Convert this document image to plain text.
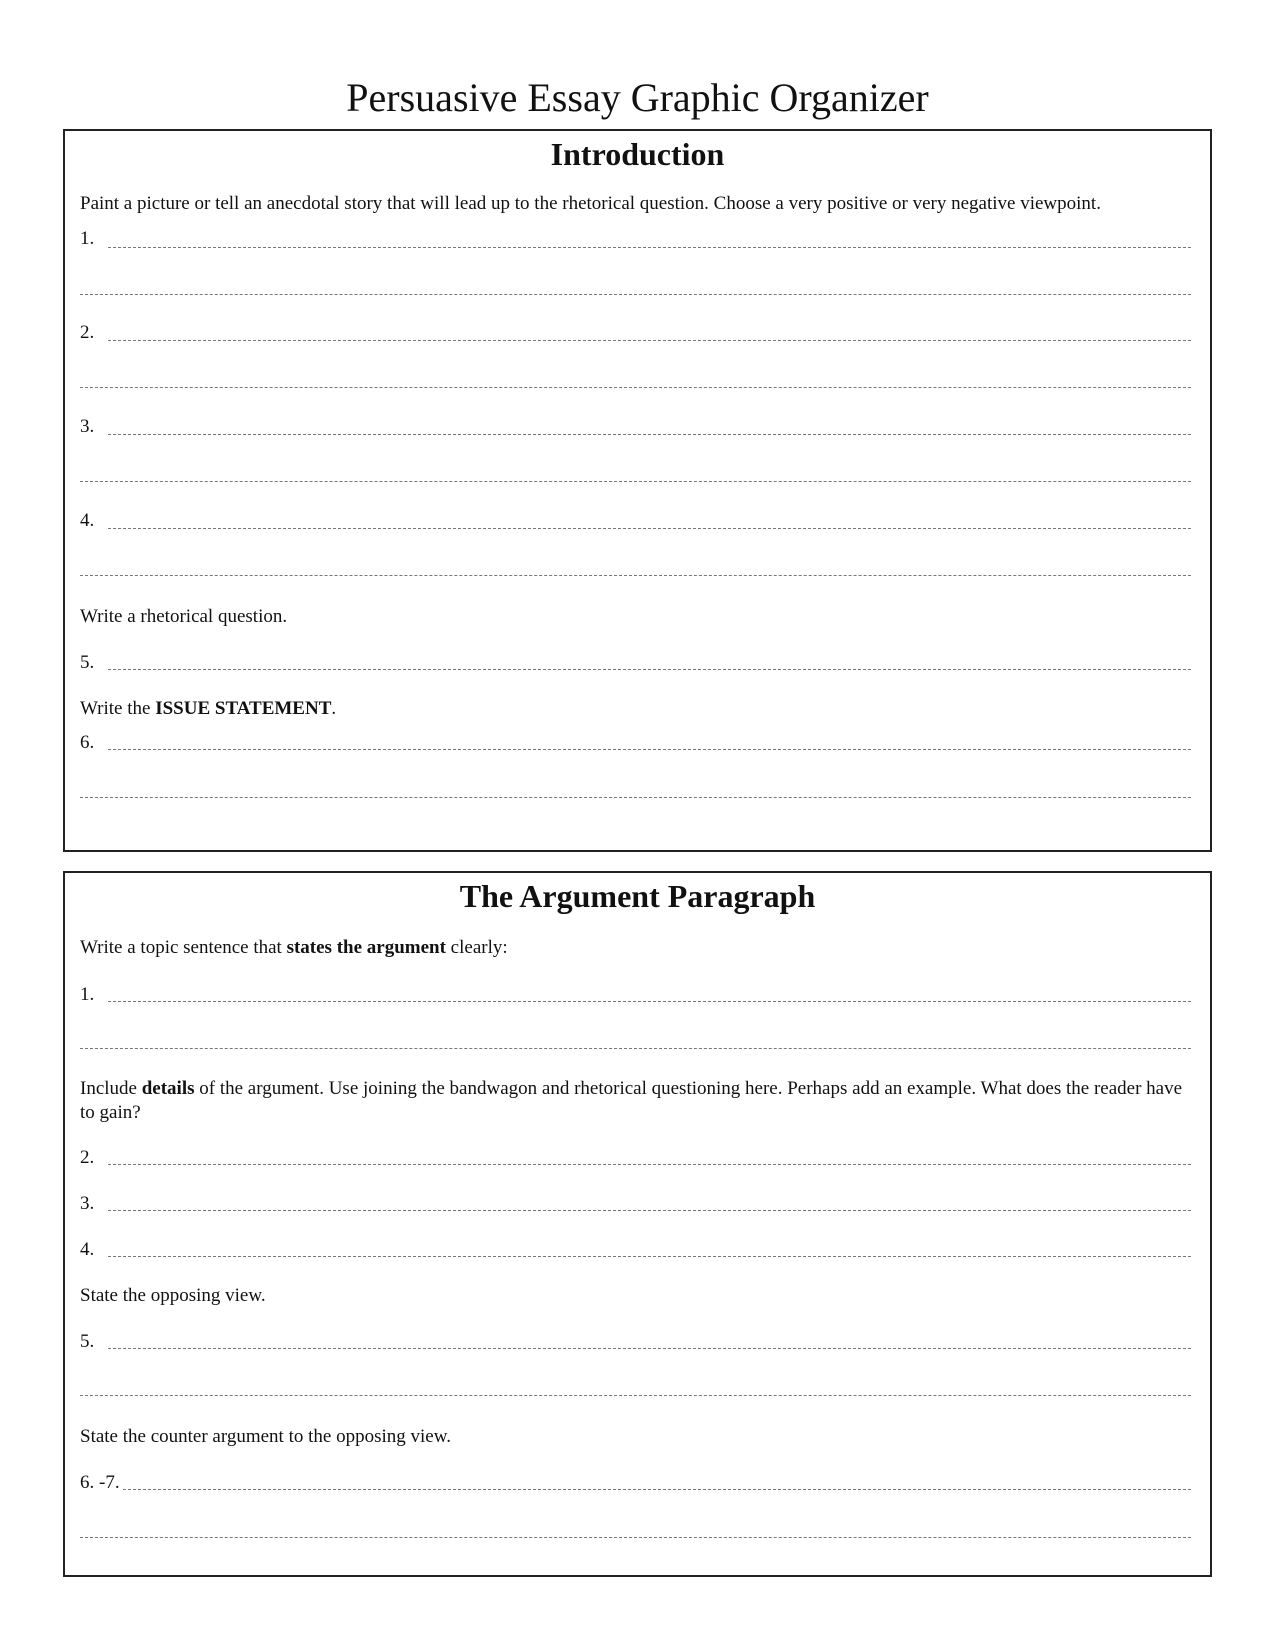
Persuasive Essay Graphic Organizer
Introduction
Paint a picture or tell an anecdotal story that will lead up to the rhetorical question. Choose a very positive or very negative viewpoint.
1.
2.
3.
4.
Write a rhetorical question.
5.
Write the ISSUE STATEMENT.
6.
The Argument Paragraph
Write a topic sentence that states the argument clearly:
1.
Include details of the argument. Use joining the bandwagon and rhetorical questioning here. Perhaps add an example. What does the reader have to gain?
2.
3.
4.
State the opposing view.
5.
State the counter argument to the opposing view.
6. -7.
